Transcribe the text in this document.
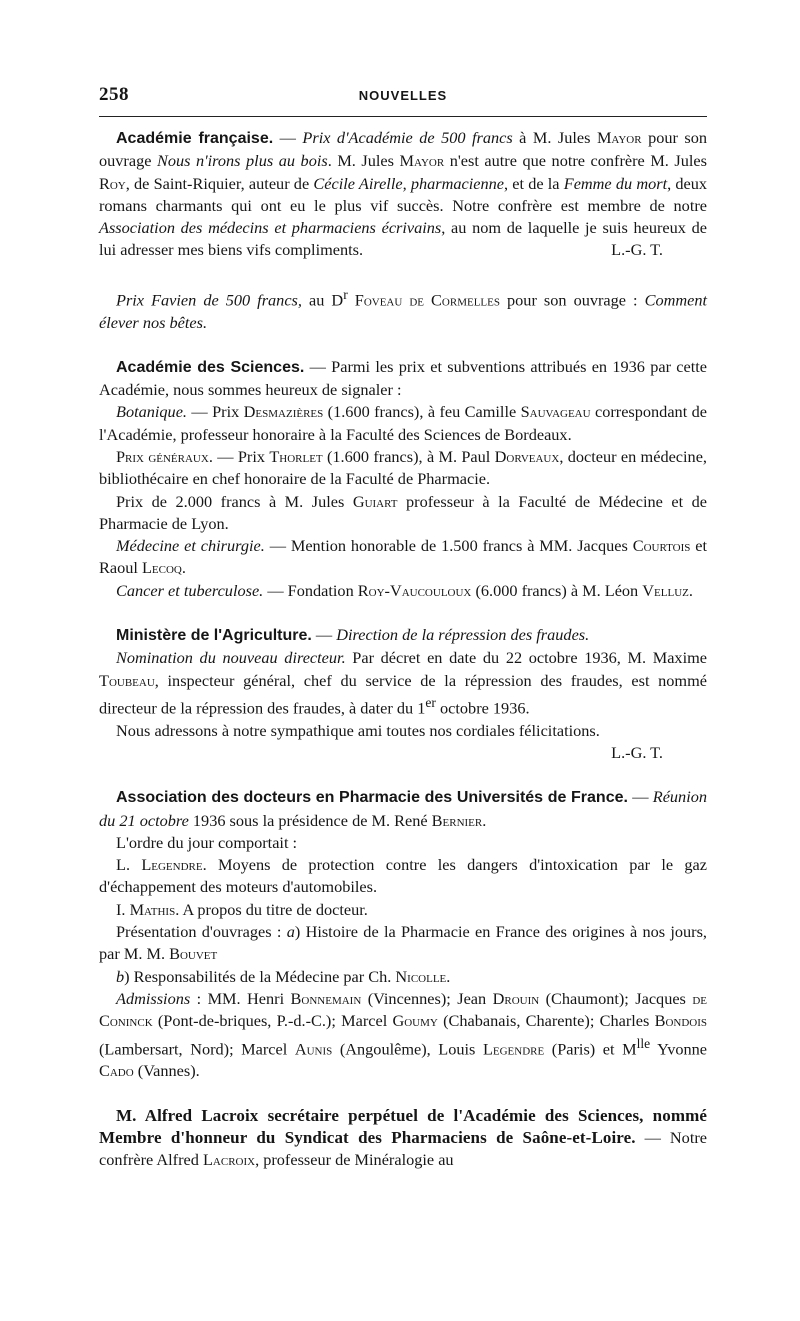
258	NOUVELLES

Académie française. — Prix d'Académie de 500 francs à M. Jules Mayor pour son ouvrage Nous n'irons plus au bois. M. Jules Mayor n'est autre que notre confrère M. Jules Roy, de Saint-Riquier, auteur de Cécile Airelle, pharmacienne, et de la Femme du mort, deux romans charmants qui ont eu le plus vif succès. Notre confrère est membre de notre Association des médecins et pharmaciens écrivains, au nom de laquelle je suis heureux de lui adresser mes biens vifs compliments.	L.-G. T.

Prix Favien de 500 francs, au $D^r$ Foveau de Cormelles pour son ouvrage : Comment élever nos bêtes.

Académie des Sciences. — Parmi les prix et subventions attribués en 1936 par cette Académie, nous sommes heureux de signaler :

Botanique. — Prix Desmazières (1.600 francs), à feu Camille Sauvageau correspondant de l'Académie, professeur honoraire à la Faculté des Sciences de Bordeaux.

Prix généraux. — Prix Thorlet (1.600 francs), à M. Paul Dorveaux, docteur en médecine, bibliothécaire en chef honoraire de la Faculté de Pharmacie.

Prix de 2.000 francs à M. Jules Guiart professeur à la Faculté de Médecine et de Pharmacie de Lyon.

Médecine et chirurgie. — Mention honorable de 1.500 francs à MM. Jacques Courtois et Raoul Lecoq.

Cancer et tuberculose. — Fondation Roy-Vaucouloux (6.000 francs) à M. Léon Velluz.

Ministère de l'Agriculture. — Direction de la répression des fraudes.

Nomination du nouveau directeur. Par décret en date du 22 octobre 1936, M. Maxime Toubeau, inspecteur général, chef du service de la répression des fraudes, est nommé directeur de la répression des fraudes, à dater du 1er octobre 1936.

Nous adressons à notre sympathique ami toutes nos cordiales félicitations.
L.-G. T.

Association des docteurs en Pharmacie des Universités de France. — Réunion du 21 octobre 1936 sous la présidence de M. René Bernier.

L'ordre du jour comportait :

L. Legendre. Moyens de protection contre les dangers d'intoxication par le gaz d'échappement des moteurs d'automobiles.

I. Mathis. A propos du titre de docteur.

Présentation d'ouvrages : a) Histoire de la Pharmacie en France des origines à nos jours, par M. M. Bouvet

b) Responsabilités de la Médecine par Ch. Nicolle.

Admissions : MM. Henri Bonnemain (Vincennes); Jean Drouin (Chaumont); Jacques de Coninck (Pont-de-briques, P.-d.-C.); Marcel Goumy (Chabanais, Charente); Charles Bondois (Lambersart, Nord); Marcel Aunis (Angoulême), Louis Legendre (Paris) et $M^{lle}$ Yvonne Cado (Vannes).

M. Alfred Lacroix secrétaire perpétuel de l'Académie des Sciences, nommé Membre d'honneur du Syndicat des Pharmaciens de Saône-et-Loire. — Notre confrère Alfred Lacroix, professeur de Minéralogie au
